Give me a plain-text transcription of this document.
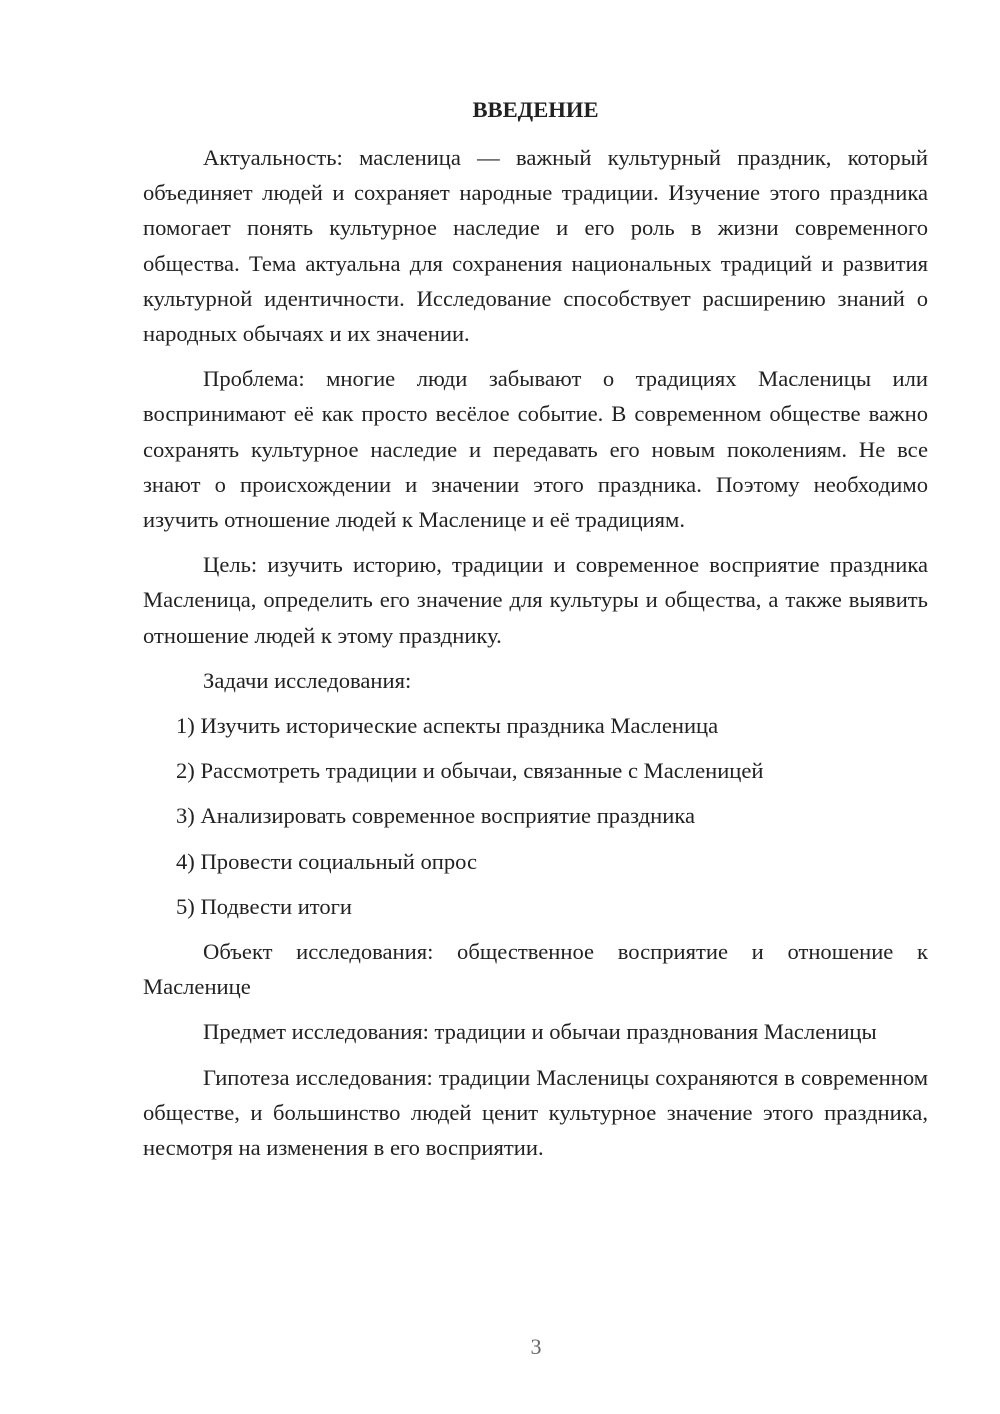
ВВЕДЕНИЕ

Актуальность: масленица — важный культурный праздник, который объединяет людей и сохраняет народные традиции. Изучение этого праздника помогает понять культурное наследие и его роль в жизни современного общества. Тема актуальна для сохранения национальных традиций и развития культурной идентичности. Исследование способствует расширению знаний о народных обычаях и их значении.

Проблема: многие люди забывают о традициях Масленицы или воспринимают её как просто весёлое событие. В современном обществе важно сохранять культурное наследие и передавать его новым поколениям. Не все знают о происхождении и значении этого праздника. Поэтому необходимо изучить отношение людей к Масленице и её традициям.

Цель: изучить историю, традиции и современное восприятие праздника Масленица, определить его значение для культуры и общества, а также выявить отношение людей к этому празднику.

Задачи исследования:
1) Изучить исторические аспекты праздника Масленица
2) Рассмотреть традиции и обычаи, связанные с Масленицей
3) Анализировать современное восприятие праздника
4) Провести социальный опрос
5) Подвести итоги

Объект исследования: общественное восприятие и отношение к Масленице

Предмет исследования: традиции и обычаи празднования Масленицы

Гипотеза исследования: традиции Масленицы сохраняются в современном обществе, и большинство людей ценит культурное значение этого праздника, несмотря на изменения в его восприятии.

3
